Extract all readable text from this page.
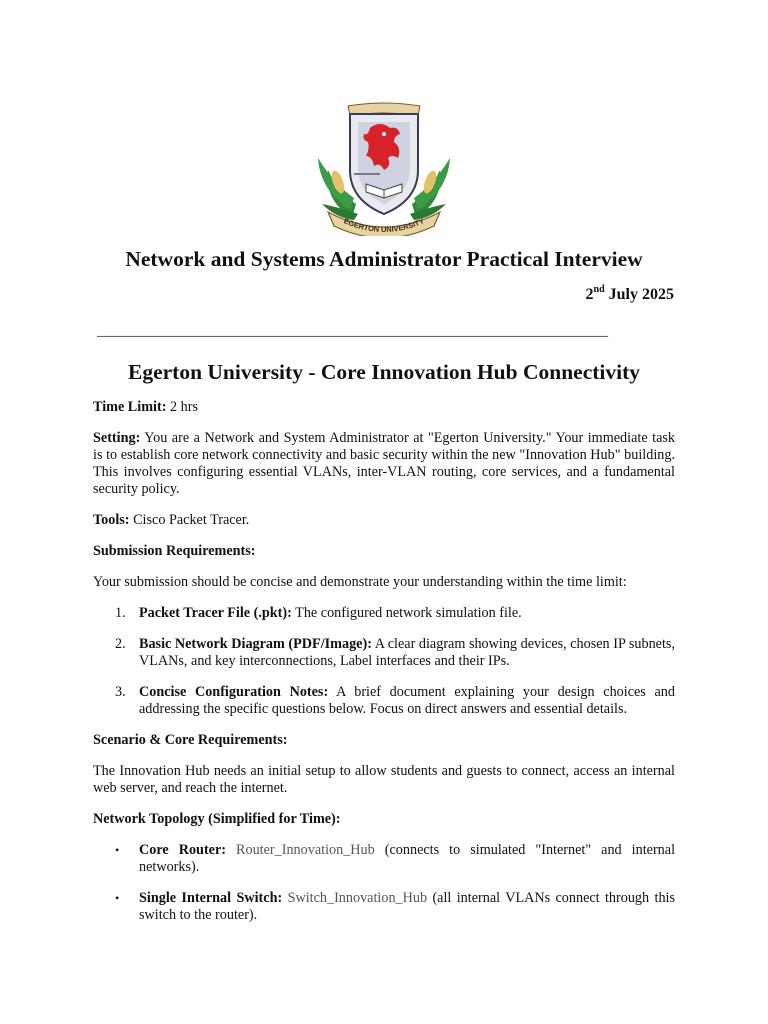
EGERTON UNIVERSITY
Network and Systems Administrator Practical Interview
2nd July 2025
_________________________________________________________________________
Egerton University - Core Innovation Hub Connectivity

Time Limit: 2 hrs

Setting: You are a Network and System Administrator at "Egerton University." Your immediate task is to establish core network connectivity and basic security within the new "Innovation Hub" building. This involves configuring essential VLANs, inter-VLAN routing, core services, and a fundamental security policy.

Tools: Cisco Packet Tracer.

Submission Requirements:

Your submission should be concise and demonstrate your understanding within the time limit:

1. Packet Tracer File (.pkt): The configured network simulation file.
2. Basic Network Diagram (PDF/Image): A clear diagram showing devices, chosen IP subnets, VLANs, and key interconnections, Label interfaces and their IPs.
3. Concise Configuration Notes: A brief document explaining your design choices and addressing the specific questions below. Focus on direct answers and essential details.

Scenario & Core Requirements:

The Innovation Hub needs an initial setup to allow students and guests to connect, access an internal web server, and reach the internet.

Network Topology (Simplified for Time):

• Core Router: Router_Innovation_Hub (connects to simulated "Internet" and internal networks).
• Single Internal Switch: Switch_Innovation_Hub (all internal VLANs connect through this switch to the router).
